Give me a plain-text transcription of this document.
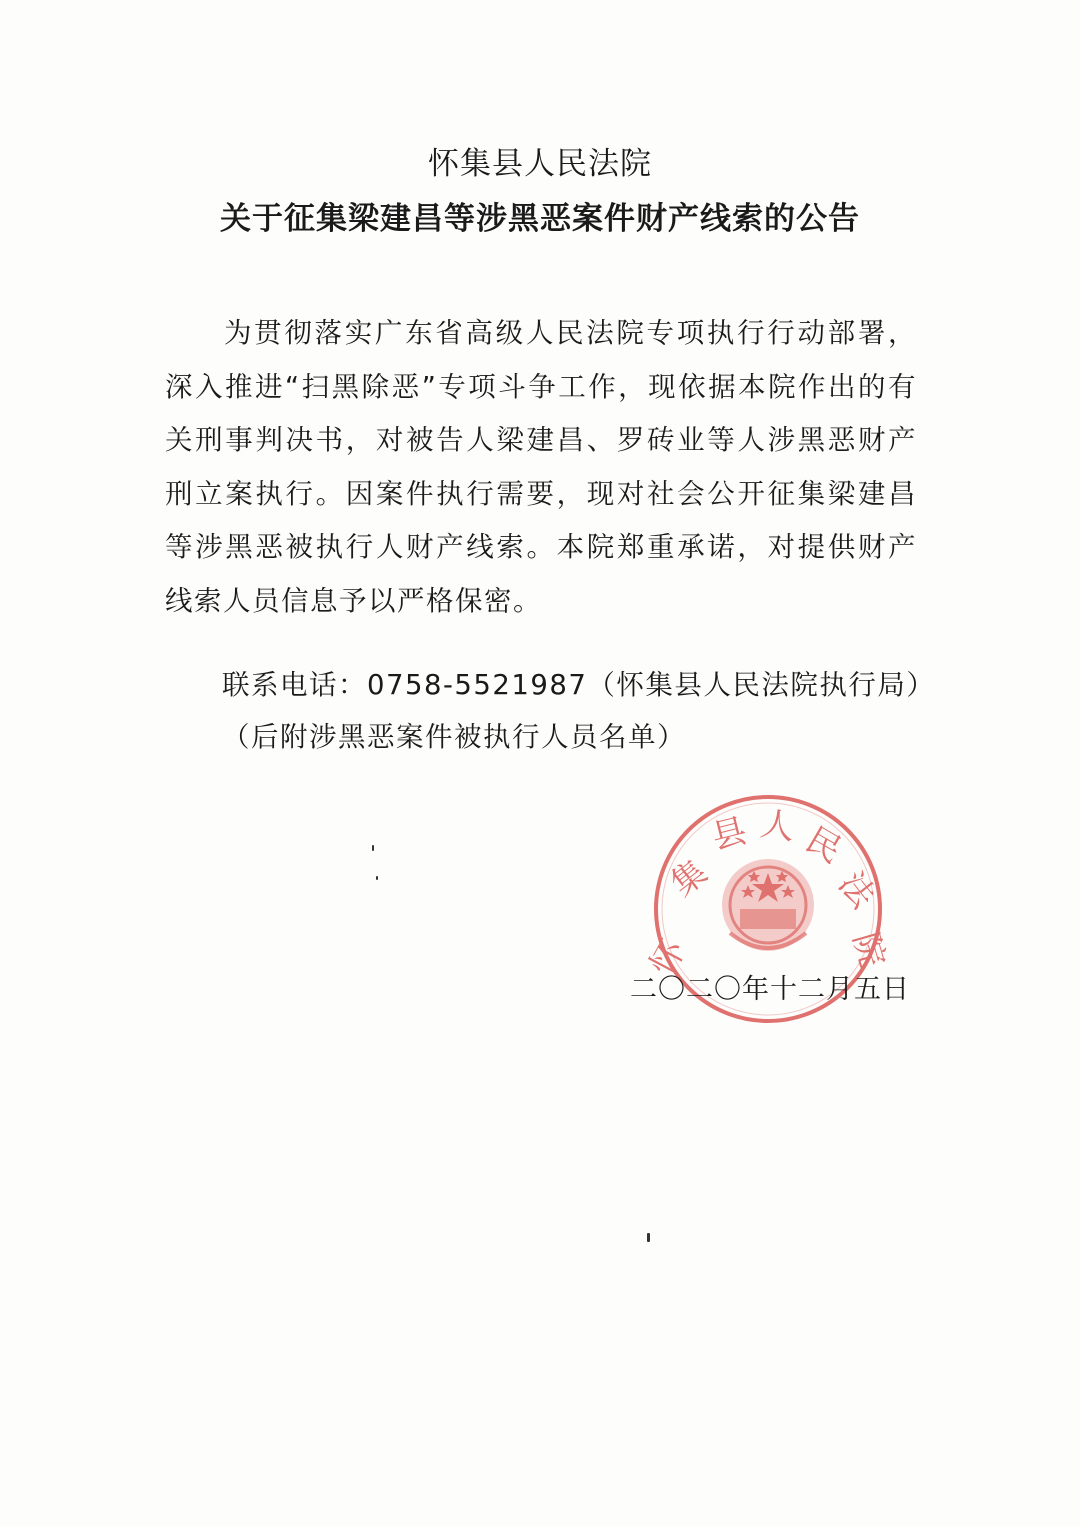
怀集县人民法院
关于征集梁建昌等涉黑恶案件财产线索的公告
为贯彻落实广东省高级人民法院专项执行行动部署，深入推进“扫黑除恶”专项斗争工作，现依据本院作出的有关刑事判决书，对被告人梁建昌、罗砖业等人涉黑恶财产刑立案执行。因案件执行需要，现对社会公开征集梁建昌等涉黑恶被执行人财产线索。本院郑重承诺，对提供财产线索人员信息予以严格保密。
联系电话：0758-5521987（怀集县人民法院执行局）
（后附涉黑恶案件被执行人员名单）
怀
集
县 人 民
法
院
二〇二〇年十二月五日
